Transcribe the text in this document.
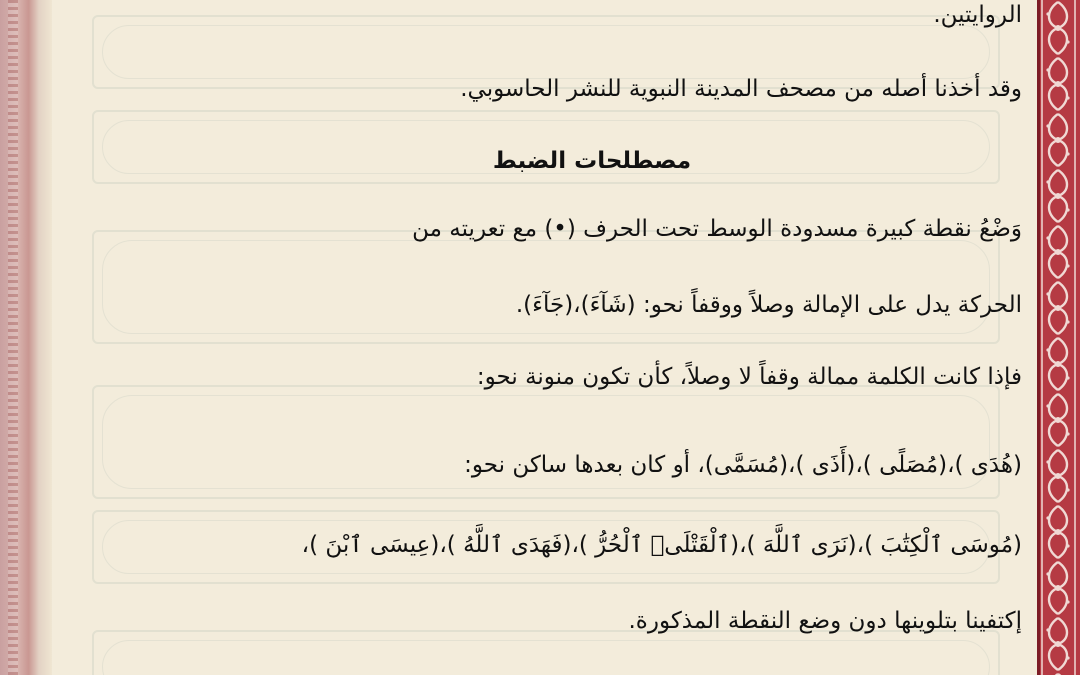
الروايتين.
وقد أخذنا أصله من مصحف المدينة النبوية للنشر الحاسوبي.
مصطلحات الضبط
وَضْعُ نقطة كبيرة مسدودة الوسط تحت الحرف (•) مع تعريته من
الحركة يدل على الإمالة وصلاً ووقفاً نحو: (شَآءَ)،(جَآءَ).
فإذا كانت الكلمة ممالة وقفاً لا وصلاً، كأن تكون منونة نحو:
(هُدَى )،(مُصَلًى )،(أَذَى )،(مُسَمَّى)، أو كان بعدها ساكن نحو:
(مُوسَى ٱلْكِتَٰبَ )،(نَرَى ٱللَّهَ )،(ٱلْقَتْلَىۖ ٱلْحُرُّ )،(فَهَدَى ٱللَّهُ )،(عِيسَى ٱبْنَ )،
إكتفينا بتلوينها دون وضع النقطة المذكورة.
